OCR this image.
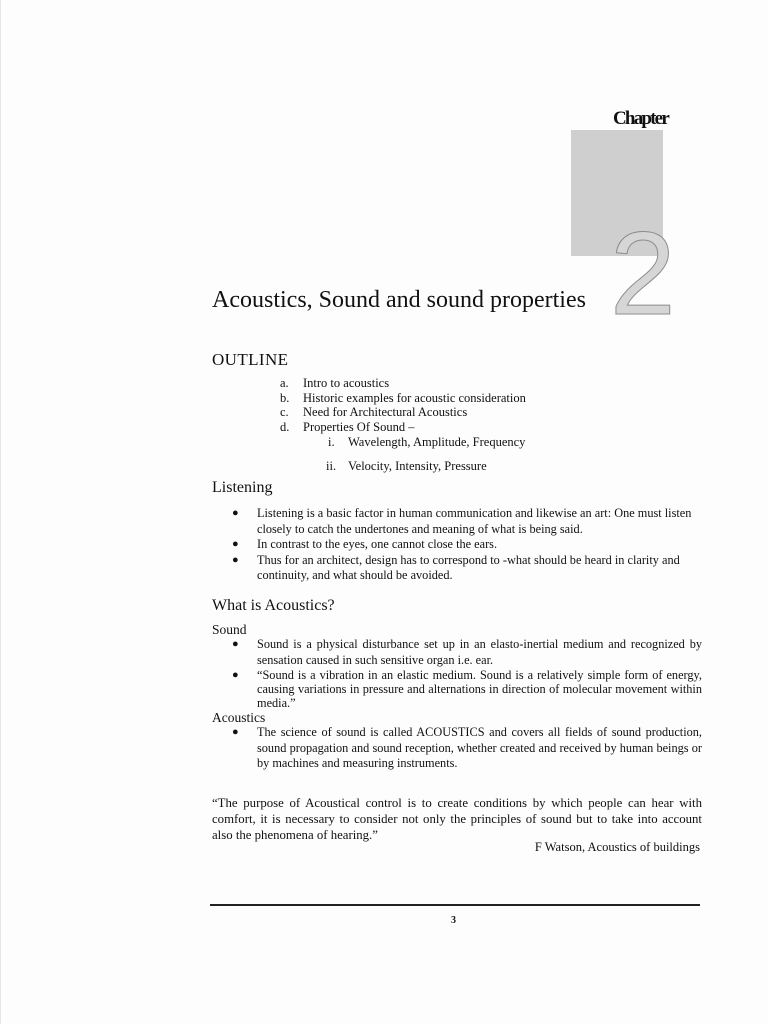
Chapter
2
Acoustics, Sound and sound properties
OUTLINE
a.	Intro to acoustics
b.	Historic examples for acoustic consideration
c.	Need for Architectural Acoustics
d.	Properties Of Sound –
i.	Wavelength, Amplitude, Frequency
ii. Velocity, Intensity, Pressure
Listening
●	Listening is a basic factor in human communication and likewise an art: One must listen closely to catch the undertones and meaning of what is being said.
●	In contrast to the eyes, one cannot close the ears.
●	Thus for an architect, design has to correspond to -what should be heard in clarity and continuity, and what should be avoided.
What is Acoustics?
Sound
●	Sound is a physical disturbance set up in an elasto-inertial medium and recognized by sensation caused in such sensitive organ i.e. ear.
●	“Sound is a vibration in an elastic medium. Sound is a relatively simple form of energy, causing variations in pressure and alternations in direction of molecular movement within media.”
Acoustics
●	The science of sound is called ACOUSTICS and covers all fields of sound production, sound propagation and sound reception, whether created and received by human beings or by machines and measuring instruments.
“The purpose of Acoustical control is to create conditions by which people can hear with comfort, it is necessary to consider not only the principles of sound but to take into account also the phenomena of hearing.”
F Watson, Acoustics of buildings
3
